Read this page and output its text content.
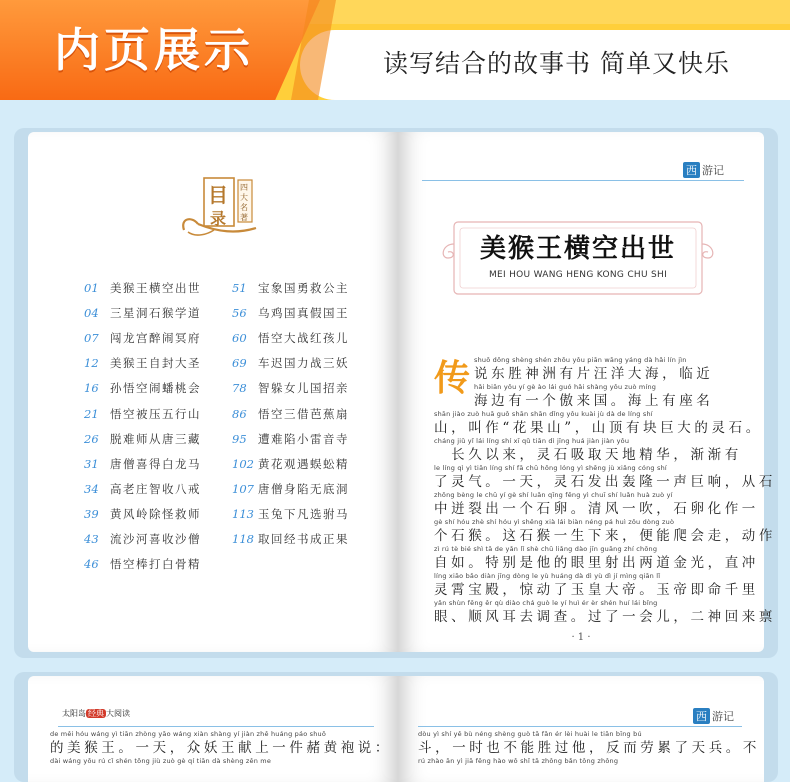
内页展示	读写结合的故事书 简单又快乐
目
录
四
大
名
著
01 美猴王横空出世
04 三星洞石猴学道
07 闯龙宫醉闹冥府
12 美猴王自封大圣
16 孙悟空闹蟠桃会
21 悟空被压五行山
26 脱难师从唐三藏
31 唐僧喜得白龙马
34 高老庄智收八戒
39 黄风岭除怪救师
43 流沙河喜收沙僧
46 悟空棒打白骨精
51 宝象国勇救公主
56 乌鸡国真假国王
60 悟空大战红孩儿
69 车迟国力战三妖
78 智躲女儿国招亲
86 悟空三借芭蕉扇
95 遭难陷小雷音寺
102 黄花观遇蜈蚣精
107 唐僧身陷无底洞
113 玉兔下凡选驸马
118 取回经书成正果
西 游记
美猴王横空出世
MEI HOU WANG HENG KONG CHU SHI
传 shuō dōng shèng shén zhōu yǒu piān wāng yáng dà hǎi lín jìn
说东胜神洲有片汪洋大海，临近
hǎi biān yǒu yí gè ào lái guó hǎi shàng yǒu zuò míng
海边有一个傲来国。海上有座名
shān jiào zuò huā guǒ shān shān dǐng yǒu kuài jù dà de líng shí
山，叫作“花果山”，山顶有块巨大的灵石。
cháng jiǔ yǐ lái líng shí xī qǔ tiān dì jīng huá jiàn jiàn yǒu
　长久以来，灵石吸取天地精华，渐渐有
le líng qì yì tiān líng shí fā chū hōng lóng yì shēng jù xiǎng cóng shí
了灵气。一天，灵石发出轰隆一声巨响，从石
zhōng bèng le chū yí gè shí luǎn qīng fēng yì chuī shí luǎn huà zuò yí
中迸裂出一个石卵。清风一吹，石卵化作一
gè shí hóu zhè shí hóu yì shēng xià lái biàn néng pá huì zǒu dòng zuò
个石猴。这石猴一生下来，便能爬会走，动作
zì rú tè bié shì tā de yǎn lǐ shè chū liǎng dào jīn guāng zhí chōng
自如。特别是他的眼里射出两道金光，直冲
líng xiāo bǎo diàn jīng dòng le yù huáng dà dì yù dì jí mìng qiān lǐ
灵霄宝殿，惊动了玉皇大帝。玉帝即命千里
yǎn shùn fēng ěr qù diào chá guò le yí huì ér èr shén huí lái bǐng
眼、顺风耳去调查。过了一会儿，二神回来禀
· 1 ·
太阳岛 经典 大阅读
de měi hóu wáng yì tiān zhòng yāo wáng xiàn shàng yí jiàn zhě huáng páo shuō
的美猴王。一天，众妖王献上一件赭黄袍说：
dài wáng yōu rú cǐ shén tōng jiù zuò gè qí tiān dà shèng zěn me
西 游记
dòu yì shí yě bù néng shèng guò tā fǎn ér lèi huài le tiān bīng bú
斗，一时也不能胜过他，反而劳累了天兵。不
rú zhào ān yì jiā fēng hào wǒ shǐ tā zhǒng bǎn tǒng zhǒng
